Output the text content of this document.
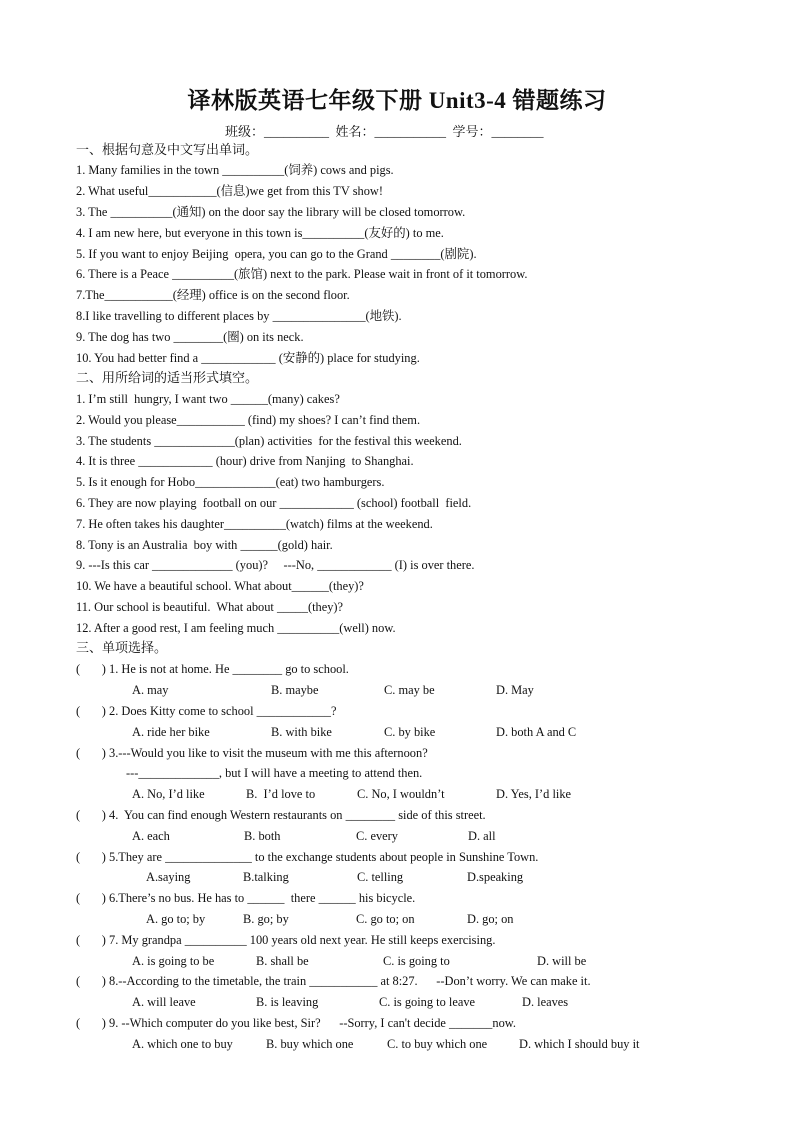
译林版英语七年级下册 Unit3-4 错题练习
班级：__________  姓名：___________  学号：________
一、根据句意及中文写出单词。
1. Many families in the town __________(饲养) cows and pigs.
2. What useful___________(信息)we get from this TV show!
3. The __________(通知) on the door say the library will be closed tomorrow.
4. I am new here, but everyone in this town is__________(友好的) to me.
5. If you want to enjoy Beijing  opera, you can go to the Grand ________(剧院).
6. There is a Peace __________(旅馆) next to the park. Please wait in front of it tomorrow.
7.The___________(经理) office is on the second floor.
8.I like travelling to different places by _______________(地铁).
9. The dog has two ________(圈) on its neck.
10. You had better find a ____________ (安静的) place for studying.
二、用所给词的适当形式填空。
1. I’m still  hungry, I want two ______(many) cakes?
2. Would you please___________ (find) my shoes? I can’t find them.
3. The students _____________(plan) activities  for the festival this weekend.
4. It is three ____________ (hour) drive from Nanjing  to Shanghai.
5. Is it enough for Hobo_____________(eat) two hamburgers.
6. They are now playing  football on our ____________ (school) football  field.
7. He often takes his daughter__________(watch) films at the weekend.
8. Tony is an Australia  boy with ______(gold) hair.
9. ---Is this car _____________ (you)?     ---No, ____________ (I) is over there.
10. We have a beautiful school. What about______(they)?
11. Our school is beautiful.  What about _____(they)?
12. After a good rest, I am feeling much __________(well) now.
三、单项选择。
(       ) 1. He is not at home. He ________ go to school.
A. may	B. maybe	C. may be	D. May
(       ) 2. Does Kitty come to school ____________?
A. ride her bike	B. with bike	C. by bike	D. both A and C
(       ) 3.---Would you like to visit the museum with me this afternoon?
---_____________, but I will have a meeting to attend then.
A. No, I’d like	B.  I’d love to	C. No, I wouldn’t	D. Yes, I’d like
(       ) 4.  You can find enough Western restaurants on ________ side of this street.
A. each	B. both	C. every	D. all
(       ) 5.They are ______________ to the exchange students about people in Sunshine Town.
A.saying	B.talking	C. telling	D.speaking
(       ) 6.There’s no bus. He has to ______  there ______ his bicycle.
A. go to; by	B. go; by	C. go to; on	D. go; on
(       ) 7. My grandpa __________ 100 years old next year. He still keeps exercising.
A. is going to be	B. shall be	C. is going to	D. will be
(       ) 8.--According to the timetable, the train ___________ at 8:27.      --Don’t worry. We can make it.
A. will leave	B. is leaving	C. is going to leave	D. leaves
(       ) 9. --Which computer do you like best, Sir?      --Sorry, I can't decide _______now.
A. which one to buy	B. buy which one	C. to buy which one	D. which I should buy it
